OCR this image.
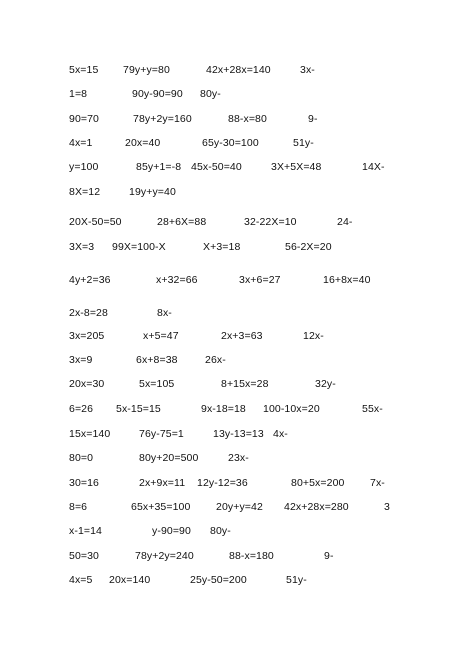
5x=15 79y+y=80	42x+28x=140	3x-
1=8	90y-90=90 80y-
90=70	78y+2y=160	88-x=80	9-
4x=1	20x=40	65y-30=100	51y-
y=100	85y+1=-8 45x-50=40	3X+5X=48	14X-
8X=12	19y+y=40
20X-50=50	28+6X=88	32-22X=10	24-
3X=3 99X=100-X	X+3=18	56-2X=20
4y+2=36	x+32=66	3x+6=27	16+8x=40
2x-8=28	8x-
3x=205	x+5=47	2x+3=63	12x-
3x=9	6x+8=38	26x-
20x=30	5x=105	8+15x=28	32y-
6=26 5x-15=15	9x-18=18 100-10x=20	55x-
15x=140	76y-75=1	13y-13=13 4x-
80=0	80y+20=500	23x-
30=16	2x+9x=11 12y-12=36	80+5x=200 7x-
8=6	65x+35=100 20y+y=42 42x+28x=280	3
x-1=14	y-90=90 80y-
50=30	78y+2y=240	88-x=180	9-
4x=5 20x=140	25y-50=200	51y-
